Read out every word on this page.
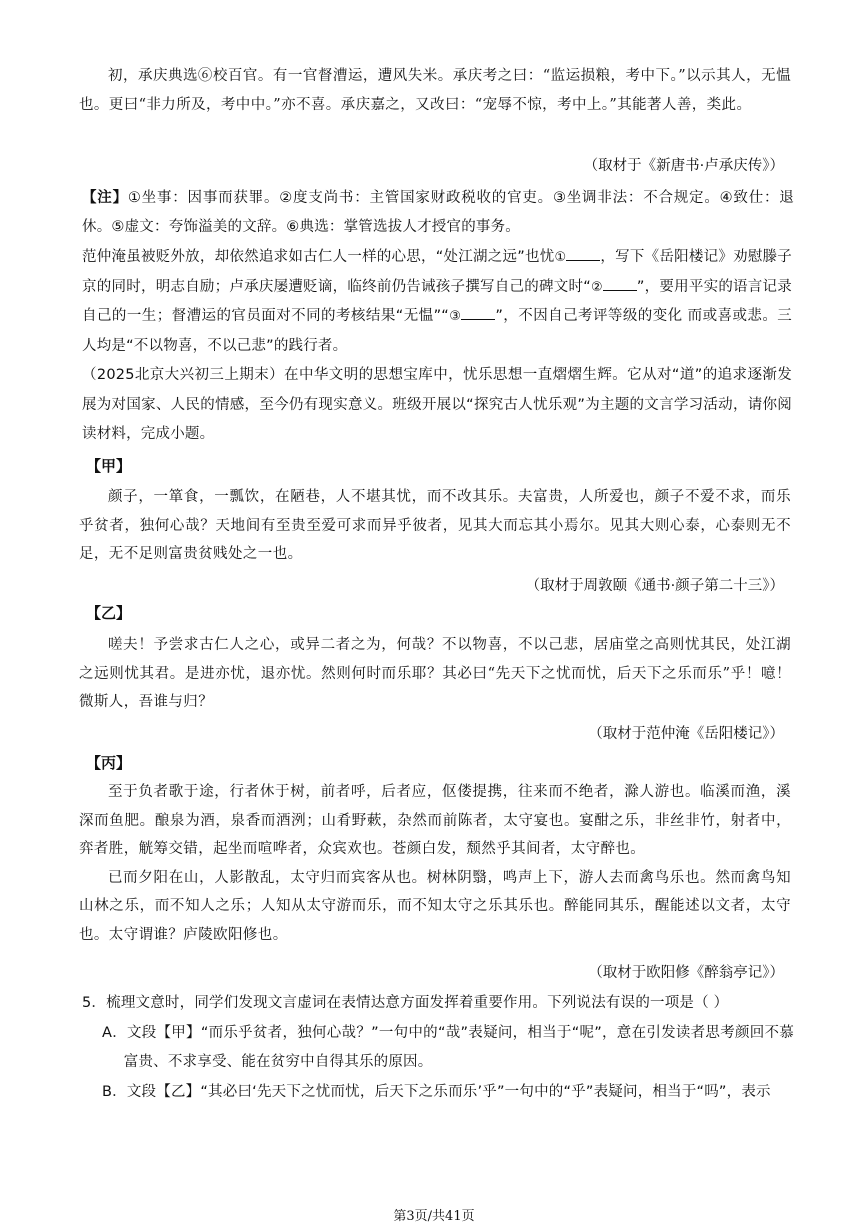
初，承庆典选⑥校百官。有一官督漕运，遭风失米。承庆考之曰：“监运损粮，考中下。”以示其人，无愠也。更曰“非力所及，考中中。”亦不喜。承庆嘉之，又改曰：“宠辱不惊，考中上。”其能著人善，类此。

（取材于《新唐书·卢承庆传》）

【注】①坐事：因事而获罪。②度支尚书：主管国家财政税收的官吏。③坐调非法：不合规定。④致仕：退休。⑤虚文：夸饰溢美的文辞。⑥典选：掌管选拔人才授官的事务。

范仲淹虽被贬外放，却依然追求如古仁人一样的心思，“处江湖之远”也忧① ，写下《岳阳楼记》劝慰滕子京的同时，明志自励；卢承庆屡遭贬谪，临终前仍告诫孩子撰写自己的碑文时“② ”，要用平实的语言记录自己的一生；督漕运的官员面对不同的考核结果“无愠”“③ ”，不因自己考评等级的变化 而或喜或悲。三人均是“不以物喜，不以己悲”的践行者。

（2025北京大兴初三上期末）在中华文明的思想宝库中，忧乐思想一直熠熠生辉。它从对“道”的追求逐渐发展为对国家、人民的情感，至今仍有现实意义。班级开展以“探究古人忧乐观”为主题的文言学习活动，请你阅读材料，完成小题。

【甲】

颜子，一箪食，一瓢饮，在陋巷，人不堪其忧，而不改其乐。夫富贵，人所爱也，颜子不爱不求，而乐乎贫者，独何心哉？天地间有至贵至爱可求而异乎彼者，见其大而忘其小焉尔。见其大则心泰，心泰则无不足，无不足则富贵贫贱处之一也。

（取材于周敦颐《通书·颜子第二十三》）
【乙】

嗟夫！予尝求古仁人之心，或异二者之为，何哉？不以物喜，不以己悲，居庙堂之高则忧其民，处江湖之远则忧其君。是进亦忧，退亦忧。然则何时而乐耶？其必曰“先天下之忧而忧，后天下之乐而乐”乎！噫！微斯人，吾谁与归？

（取材于范仲淹《岳阳楼记》）
【丙】

至于负者歌于途，行者休于树，前者呼，后者应，伛偻提携，往来而不绝者，滁人游也。临溪而渔，溪深而鱼肥。酿泉为酒，泉香而酒洌；山肴野蔌，杂然而前陈者，太守宴也。宴酣之乐，非丝非竹，射者中，弈者胜，觥筹交错，起坐而喧哗者，众宾欢也。苍颜白发，颓然乎其间者，太守醉也。

已而夕阳在山，人影散乱，太守归而宾客从也。树林阴翳，鸣声上下，游人去而禽鸟乐也。然而禽鸟知山林之乐，而不知人之乐；人知从太守游而乐，而不知太守之乐其乐也。醉能同其乐，醒能述以文者，太守也。太守谓谁？庐陵欧阳修也。

（取材于欧阳修《醉翁亭记》）

5．梳理文意时，同学们发现文言虚词在表情达意方面发挥着重要作用。下列说法有误的一项是（ ）

A．文段【甲】“而乐乎贫者，独何心哉？”一句中的“哉”表疑问，相当于“呢”，意在引发读者思考颜回不慕富贵、不求享受、能在贫穷中自得其乐的原因。

B．文段【乙】“其必曰‘先天下之忧而忧，后天下之乐而乐’乎”一句中的“乎”表疑问，相当于“吗”，表示

第3页/共41页
